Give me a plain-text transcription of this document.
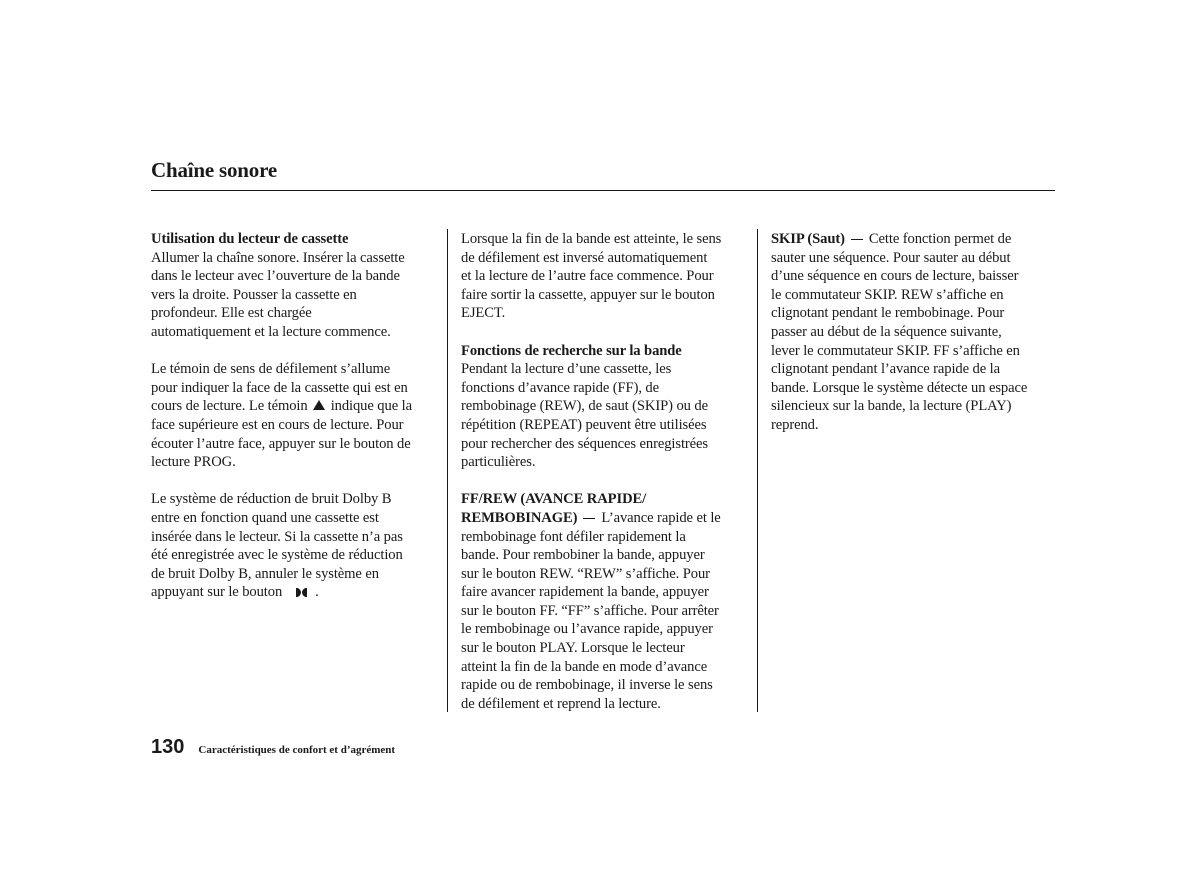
Chaîne sonore

Utilisation du lecteur de cassette
Allumer la chaîne sonore. Insérer la cassette
dans le lecteur avec l’ouverture de la bande
vers la droite. Pousser la cassette en
profondeur. Elle est chargée
automatiquement et la lecture commence.

Le témoin de sens de défilement s’allume
pour indiquer la face de la cassette qui est en
cours de lecture. Le témoin indique que la
face supérieure est en cours de lecture. Pour
écouter l’autre face, appuyer sur le bouton de
lecture PROG.

Le système de réduction de bruit Dolby B
entre en fonction quand une cassette est
insérée dans le lecteur. Si la cassette n’a pas
été enregistrée avec le système de réduction
de bruit Dolby B, annuler le système en
appuyant sur le bouton .

Lorsque la fin de la bande est atteinte, le sens
de défilement est inversé automatiquement
et la lecture de l’autre face commence. Pour
faire sortir la cassette, appuyer sur le bouton
EJECT.

Fonctions de recherche sur la bande
Pendant la lecture d’une cassette, les
fonctions d’avance rapide (FF), de
rembobinage (REW), de saut (SKIP) ou de
répétition (REPEAT) peuvent être utilisées
pour rechercher des séquences enregistrées
particulières.

FF/REW (AVANCE RAPIDE/
REMBOBINAGE) L’avance rapide et le
rembobinage font défiler rapidement la
bande. Pour rembobiner la bande, appuyer
sur le bouton REW. “REW” s’affiche. Pour
faire avancer rapidement la bande, appuyer
sur le bouton FF. “FF” s’affiche. Pour arrêter
le rembobinage ou l’avance rapide, appuyer
sur le bouton PLAY. Lorsque le lecteur
atteint la fin de la bande en mode d’avance
rapide ou de rembobinage, il inverse le sens
de défilement et reprend la lecture.

SKIP (Saut) Cette fonction permet de
sauter une séquence. Pour sauter au début
d’une séquence en cours de lecture, baisser
le commutateur SKIP. REW s’affiche en
clignotant pendant le rembobinage. Pour
passer au début de la séquence suivante,
lever le commutateur SKIP. FF s’affiche en
clignotant pendant l’avance rapide de la
bande. Lorsque le système détecte un espace
silencieux sur la bande, la lecture (PLAY)
reprend.

130 Caractéristiques de confort et d’agrément
